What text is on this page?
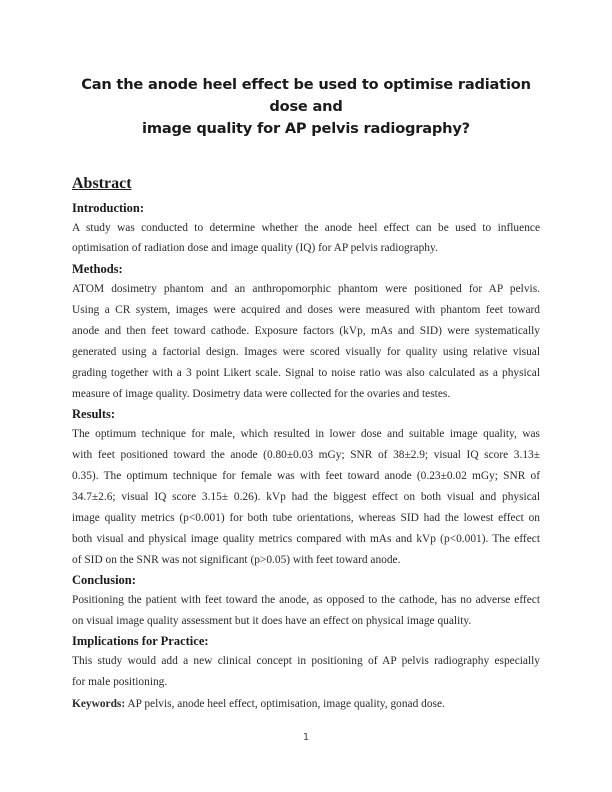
Can the anode heel effect be used to optimise radiation dose and
image quality for AP pelvis radiography?
Abstract
Introduction:
A study was conducted to determine whether the anode heel effect can be used to influence
optimisation of radiation dose and image quality (IQ) for AP pelvis radiography.
Methods:
ATOM dosimetry phantom and an anthropomorphic phantom were positioned for AP pelvis.
Using a CR system, images were acquired and doses were measured with phantom feet toward
anode and then feet toward cathode. Exposure factors (kVp, mAs and SID) were systematically
generated using a factorial design. Images were scored visually for quality using relative visual
grading together with a 3 point Likert scale. Signal to noise ratio was also calculated as a physical
measure of image quality. Dosimetry data were collected for the ovaries and testes.
Results:
The optimum technique for male, which resulted in lower dose and suitable image quality, was
with feet positioned toward the anode (0.80±0.03 mGy; SNR of 38±2.9; visual IQ score 3.13±
0.35). The optimum technique for female was with feet toward anode (0.23±0.02 mGy; SNR of
34.7±2.6; visual IQ score 3.15± 0.26). kVp had the biggest effect on both visual and physical
image quality metrics (p<0.001) for both tube orientations, whereas SID had the lowest effect on
both visual and physical image quality metrics compared with mAs and kVp (p<0.001). The effect
of SID on the SNR was not significant (p>0.05) with feet toward anode.
Conclusion:
Positioning the patient with feet toward the anode, as opposed to the cathode, has no adverse effect
on visual image quality assessment but it does have an effect on physical image quality.
Implications for Practice:
This study would add a new clinical concept in positioning of AP pelvis radiography especially
for male positioning.
Keywords: AP pelvis, anode heel effect, optimisation, image quality, gonad dose.
1
